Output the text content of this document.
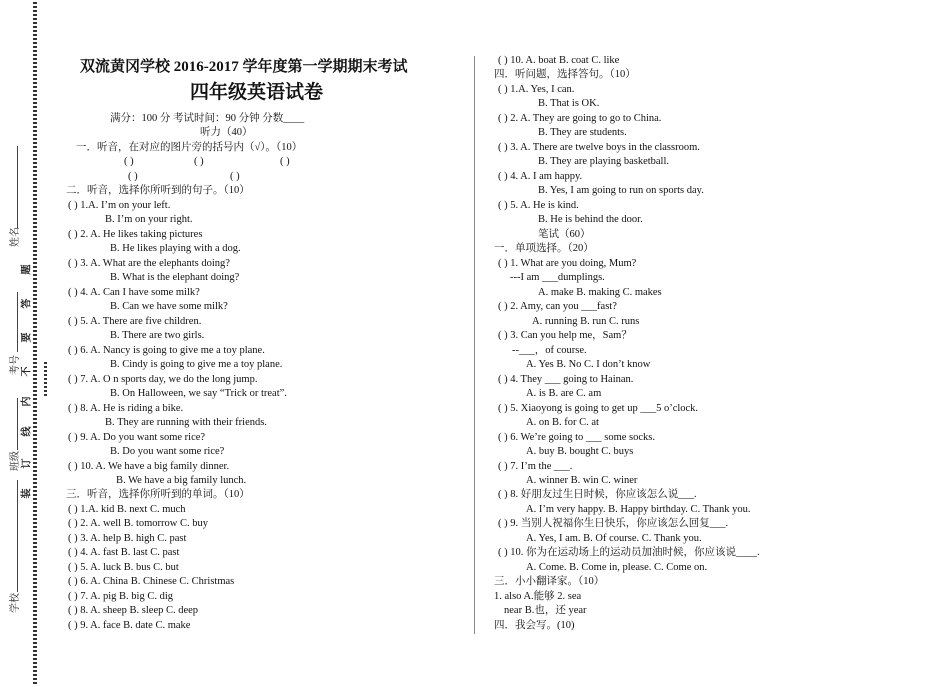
姓名
考号
班级
学校
题
答
要
不
内
线
订
装
双流黄冈学校 2016-2017 学年度第一学期期末考试
四年级英语试卷
满分：100 分 考试时间：90 分钟 分数____
听力（40）
一．听音，在对应的图片旁的括号内（√）。（10）
( )	( )	( )
( )	( )
二．听音，选择你所听到的句子。（10）
( ) 1.A. I’m on your left.
B. I’m on your right.
( ) 2. A. He likes taking pictures
B. He likes playing with a dog.
( ) 3. A. What are the elephants doing?
B. What is the elephant doing?
( ) 4. A. Can I have some milk?
B. Can we have some milk?
( ) 5. A. There are five children.
B. There are two girls.
( ) 6. A. Nancy is going to give me a toy plane.
B. Cindy is going to give me a toy plane.
( ) 7. A. O n sports day, we do the long jump.
B. On Halloween, we say “Trick or treat”.
( ) 8. A. He is riding a bike.
B. They are running with their friends.
( ) 9. A. Do you want some rice?
B. Do you want some rice?
( ) 10. A. We have a big family dinner.
B. We have a big family lunch.
三．听音，选择你所听到的单词。（10）
( ) 1.A. kid B. next C. much
( ) 2. A. well B. tomorrow C. buy
( ) 3. A. help B. high C. past
( ) 4. A. fast B. last C. past
( ) 5. A. luck B. bus C. but
( ) 6. A. China B. Chinese C. Christmas
( ) 7. A. pig B. big C. dig
( ) 8. A. sheep B. sleep C. deep
( ) 9. A. face B. date C. make
( ) 10. A. boat B. coat C. like
四．听问题，选择答句。（10）
( ) 1.A. Yes, I can.
B. That is OK.
( ) 2. A. They are going to go to China.
B. They are students.
( ) 3. A. There are twelve boys in the classroom.
B. They are playing basketball.
( ) 4. A. I am happy.
B. Yes, I am going to run on sports day.
( ) 5. A. He is kind.
B. He is behind the door.
笔试（60）
一．单项选择。（20）
( ) 1. What are you doing, Mum?
---I am ___dumplings.
A. make B. making C. makes
( ) 2. Amy, can you ___fast?
A. running B. run C. runs
( ) 3. Can you help me，Sam？
--___，of course.
A. Yes B. No C. I don’t know
( ) 4. They ___ going to Hainan.
A. is B. are C. am
( ) 5. Xiaoyong is going to get up ___5 o’clock.
A. on B. for C. at
( ) 6. We’re going to ___ some socks.
A. buy B. bought C. buys
( ) 7. I’m the ___.
A. winner B. win C. winer
( ) 8. 好朋友过生日时候，你应该怎么说___.
A. I’m very happy. B. Happy birthday. C. Thank you.
( ) 9. 当别人祝福你生日快乐，你应该怎么回复___.
A. Yes, I am. B. Of course. C. Thank you.
( ) 10. 你为在运动场上的运动员加油时候，你应该说____.
A. Come. B. Come in, please. C. Come on.
三．小小翻译家。（10）
1. also A.能够 2. sea
near B.也，还 year
四．我会写。(10)
